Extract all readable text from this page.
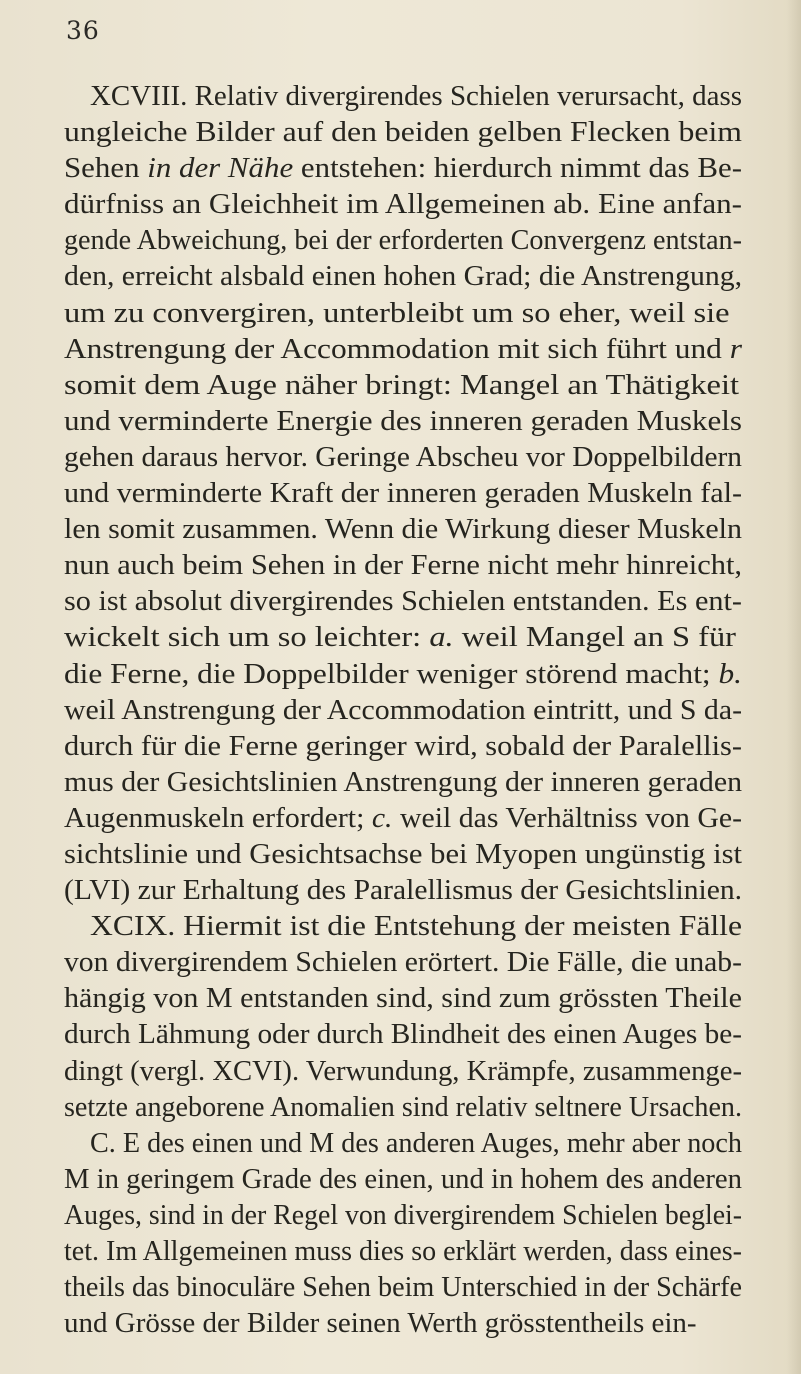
36
XCVIII. Relativ divergirendes Schielen verursacht, dass
ungleiche Bilder auf den beiden gelben Flecken beim
Sehen in der Nähe entstehen: hierdurch nimmt das Be-
dürfniss an Gleichheit im Allgemeinen ab. Eine anfan-
gende Abweichung, bei der erforderten Convergenz entstan-
den, erreicht alsbald einen hohen Grad; die Anstrengung,
um zu convergiren, unterbleibt um so eher, weil sie
Anstrengung der Accommodation mit sich führt und r
somit dem Auge näher bringt: Mangel an Thätigkeit
und verminderte Energie des inneren geraden Muskels
gehen daraus hervor. Geringe Abscheu vor Doppelbildern
und verminderte Kraft der inneren geraden Muskeln fal-
len somit zusammen. Wenn die Wirkung dieser Muskeln
nun auch beim Sehen in der Ferne nicht mehr hinreicht,
so ist absolut divergirendes Schielen entstanden. Es ent-
wickelt sich um so leichter: a. weil Mangel an S für
die Ferne, die Doppelbilder weniger störend macht; b.
weil Anstrengung der Accommodation eintritt, und S da-
durch für die Ferne geringer wird, sobald der Paralellis-
mus der Gesichtslinien Anstrengung der inneren geraden
Augenmuskeln erfordert; c. weil das Verhältniss von Ge-
sichtslinie und Gesichtsachse bei Myopen ungünstig ist
(LVI) zur Erhaltung des Paralellismus der Gesichtslinien.
XCIX. Hiermit ist die Entstehung der meisten Fälle
von divergirendem Schielen erörtert. Die Fälle, die unab-
hängig von M entstanden sind, sind zum grössten Theile
durch Lähmung oder durch Blindheit des einen Auges be-
dingt (vergl. XCVI). Verwundung, Krämpfe, zusammenge-
setzte angeborene Anomalien sind relativ seltnere Ursachen.
C. E des einen und M des anderen Auges, mehr aber noch
M in geringem Grade des einen, und in hohem des anderen
Auges, sind in der Regel von divergirendem Schielen beglei-
tet. Im Allgemeinen muss dies so erklärt werden, dass eines-
theils das binoculäre Sehen beim Unterschied in der Schärfe
und Grösse der Bilder seinen Werth grösstentheils ein-
